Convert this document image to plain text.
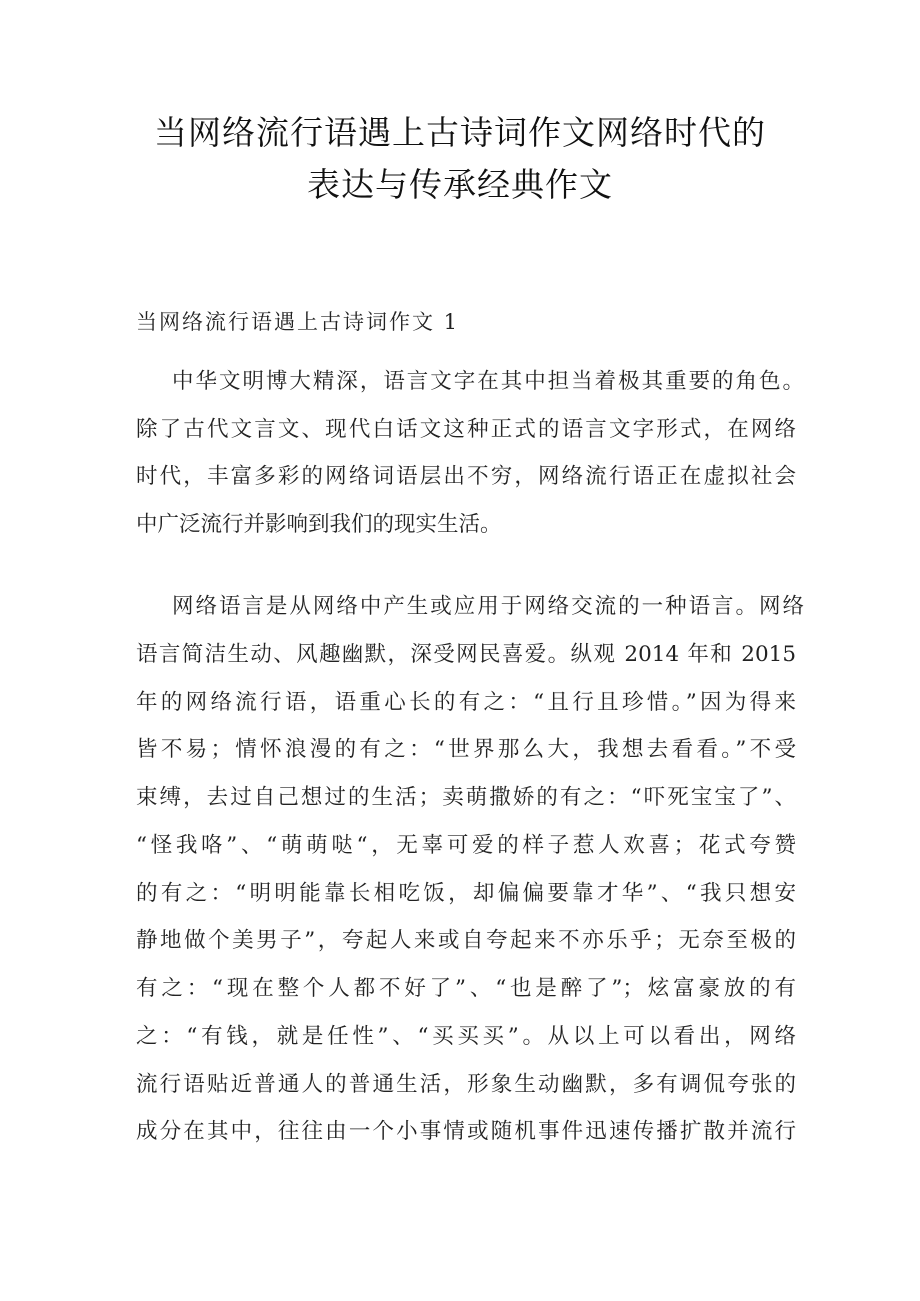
当网络流行语遇上古诗词作文网络时代的
表达与传承经典作文
当网络流行语遇上古诗词作文 1
中华文明博大精深，语言文字在其中担当着极其重要的角色。
除了古代文言文、现代白话文这种正式的语言文字形式，在网络
时代，丰富多彩的网络词语层出不穷，网络流行语正在虚拟社会
中广泛流行并影响到我们的现实生活。
网络语言是从网络中产生或应用于网络交流的一种语言。网络
语言简洁生动、风趣幽默，深受网民喜爱。纵观 2014 年和 2015
年的网络流行语，语重心长的有之：“且行且珍惜。”因为得来
皆不易；情怀浪漫的有之：“世界那么大，我想去看看。”不受
束缚，去过自己想过的生活；卖萌撒娇的有之：“吓死宝宝了”、
“怪我咯”、“萌萌哒“，无辜可爱的样子惹人欢喜；花式夸赞
的有之：“明明能靠长相吃饭，却偏偏要靠才华”、“我只想安
静地做个美男子”，夸起人来或自夸起来不亦乐乎；无奈至极的
有之：“现在整个人都不好了”、“也是醉了”；炫富豪放的有
之：“有钱，就是任性”、“买买买”。从以上可以看出，网络
流行语贴近普通人的普通生活，形象生动幽默，多有调侃夸张的
成分在其中，往往由一个小事情或随机事件迅速传播扩散并流行
